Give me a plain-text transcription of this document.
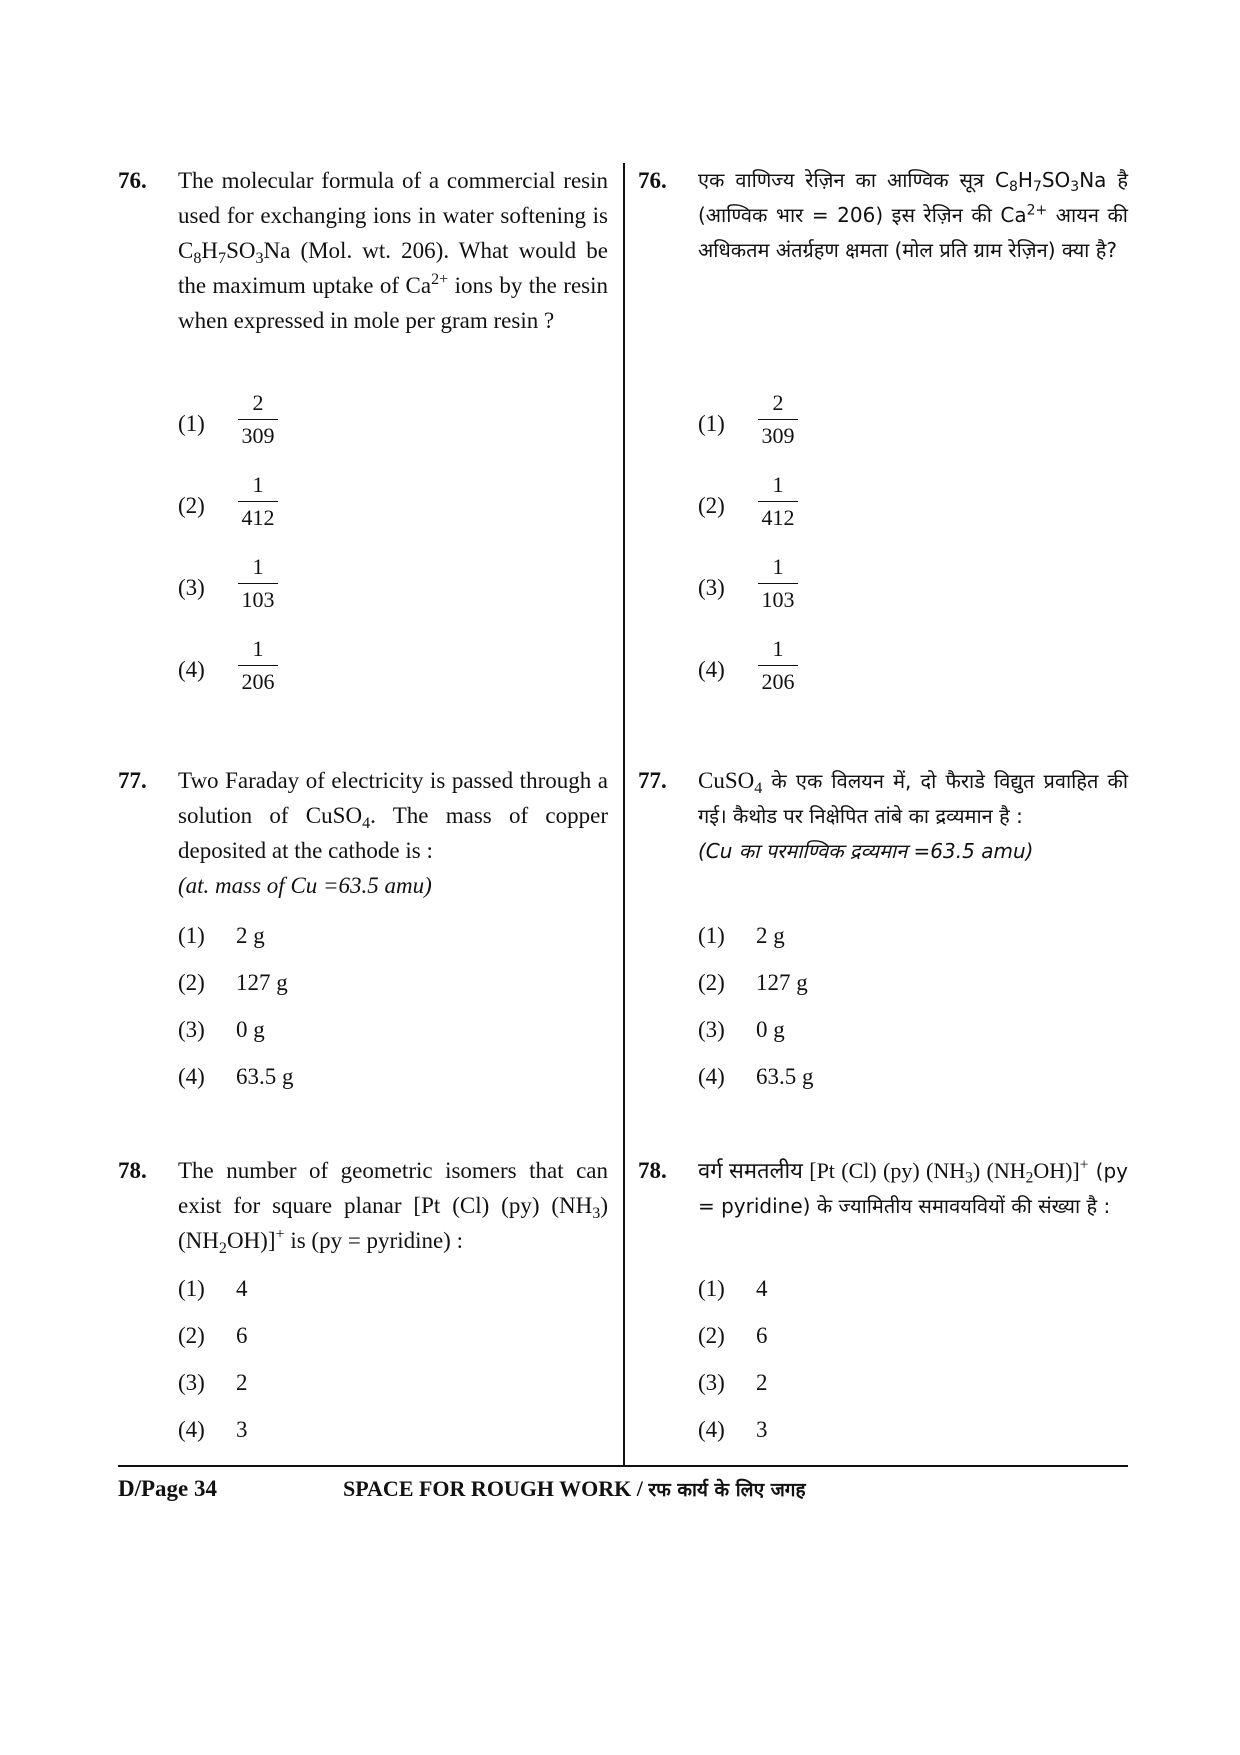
76. The molecular formula of a commercial resin used for exchanging ions in water softening is $C_8H_7SO_3Na$ (Mol. wt. 206). What would be the maximum uptake of $Ca^{2+}$ ions by the resin when expressed in mole per gram resin ?
(1)	$\frac{2}{309}$
(2)	$\frac{1}{412}$
(3)	$\frac{1}{103}$
(4)	$\frac{1}{206}$
76. एक वाणिज्य रेज़िन का आण्विक सूत्र $C_8H_7SO_3Na$ है (आण्विक भार = 206) इस रेज़िन की $Ca^{2+}$ आयन की अधिकतम अंतर्ग्रहण क्षमता (मोल प्रति ग्राम रेज़िन) क्या है?
(1)	$\frac{2}{309}$
(2)	$\frac{1}{412}$
(3)	$\frac{1}{103}$
(4)	$\frac{1}{206}$
77. Two Faraday of electricity is passed through a solution of CuSO$_4$. The mass of copper deposited at the cathode is :
(at. mass of Cu =63.5 amu)
(1) 2 g
(2) 127 g
(3) 0 g
(4) 63.5 g
77. CuSO$_4$ के एक विलयन में, दो फैराडे विद्युत प्रवाहित की गई। कैथोड पर निक्षेपित तांबे का द्रव्यमान है :
(Cu का परमाण्विक द्रव्यमान =63.5 amu)
(1) 2 g
(2) 127 g
(3) 0 g
(4) 63.5 g
78. The number of geometric isomers that can exist for square planar [Pt (Cl) (py) $(NH_3)$ $(NH_2OH)]^+$ is (py = pyridine) :
(1) 4
(2) 6
(3) 2
(4) 3
78. वर्ग समतलीय [Pt (Cl) (py) $(NH_3)$ $(NH_2OH)]^+$ (py = pyridine) के ज्यामितीय समावयवियों की संख्या है :
(1) 4
(2) 6
(3) 2
(4) 3
D/Page 34	SPACE FOR ROUGH WORK / रफ कार्य के लिए जगह
